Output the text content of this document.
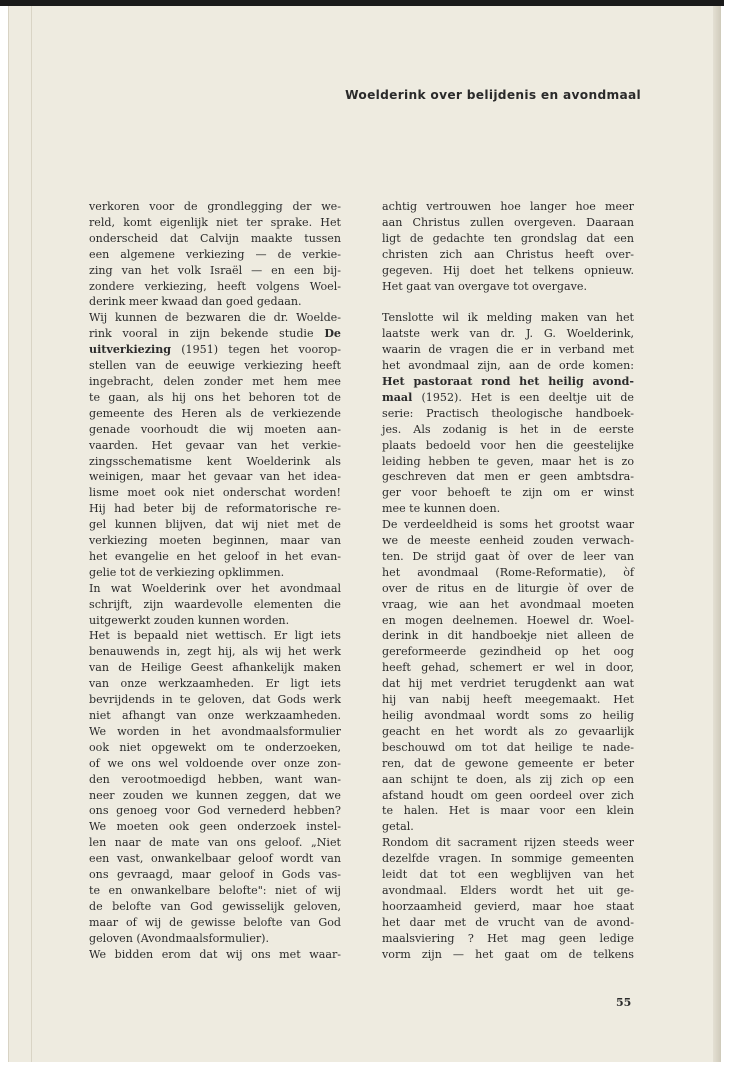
Woelderink over belijdenis en avondmaal
verkoren voor de grondlegging der we-
reld, komt eigenlijk niet ter sprake. Het
onderscheid dat Calvijn maakte tussen
een algemene verkiezing — de verkie-
zing van het volk Israël — en een bij-
zondere verkiezing, heeft volgens Woel-
derink meer kwaad dan goed gedaan.
Wij kunnen de bezwaren die dr. Woelde-
rink vooral in zijn bekende studie De
uitverkiezing (1951) tegen het voorop-
stellen van de eeuwige verkiezing heeft
ingebracht, delen zonder met hem mee
te gaan, als hij ons het behoren tot de
gemeente des Heren als de verkiezende
genade voorhoudt die wij moeten aan-
vaarden. Het gevaar van het verkie-
zingsschematisme kent Woelderink als
weinigen, maar het gevaar van het idea-
lisme moet ook niet onderschat worden!
Hij had beter bij de reformatorische re-
gel kunnen blijven, dat wij niet met de
verkiezing moeten beginnen, maar van
het evangelie en het geloof in het evan-
gelie tot de verkiezing opklimmen.
In wat Woelderink over het avondmaal
schrijft, zijn waardevolle elementen die
uitgewerkt zouden kunnen worden.
Het is bepaald niet wettisch. Er ligt iets
benauwends in, zegt hij, als wij het werk
van de Heilige Geest afhankelijk maken
van onze werkzaamheden. Er ligt iets
bevrijdends in te geloven, dat Gods werk
niet afhangt van onze werkzaamheden.
We worden in het avondmaalsformulier
ook niet opgewekt om te onderzoeken,
of we ons wel voldoende over onze zon-
den verootmoedigd hebben, want wan-
neer zouden we kunnen zeggen, dat we
ons genoeg voor God vernederd hebben?
We moeten ook geen onderzoek instel-
len naar de mate van ons geloof. „Niet
een vast, onwankelbaar geloof wordt van
ons gevraagd, maar geloof in Gods vas-
te en onwankelbare belofte": niet of wij
de belofte van God gewisselijk geloven,
maar of wij de gewisse belofte van God
geloven (Avondmaalsformulier).
We bidden erom dat wij ons met waar-
achtig vertrouwen hoe langer hoe meer
aan Christus zullen overgeven. Daaraan
ligt de gedachte ten grondslag dat een
christen zich aan Christus heeft over-
gegeven. Hij doet het telkens opnieuw.
Het gaat van overgave tot overgave.
Tenslotte wil ik melding maken van het
laatste werk van dr. J. G. Woelderink,
waarin de vragen die er in verband met
het avondmaal zijn, aan de orde komen:
Het pastoraat rond het heilig avond-
maal (1952). Het is een deeltje uit de
serie: Practisch theologische handboek-
jes. Als zodanig is het in de eerste
plaats bedoeld voor hen die geestelijke
leiding hebben te geven, maar het is zo
geschreven dat men er geen ambtsdra-
ger voor behoeft te zijn om er winst
mee te kunnen doen.
De verdeeldheid is soms het grootst waar
we de meeste eenheid zouden verwach-
ten. De strijd gaat òf over de leer van
het avondmaal (Rome-Reformatie), òf
over de ritus en de liturgie òf over de
vraag, wie aan het avondmaal moeten
en mogen deelnemen. Hoewel dr. Woel-
derink in dit handboekje niet alleen de
gereformeerde gezindheid op het oog
heeft gehad, schemert er wel in door,
dat hij met verdriet terugdenkt aan wat
hij van nabij heeft meegemaakt. Het
heilig avondmaal wordt soms zo heilig
geacht en het wordt als zo gevaarlijk
beschouwd om tot dat heilige te nade-
ren, dat de gewone gemeente er beter
aan schijnt te doen, als zij zich op een
afstand houdt om geen oordeel over zich
te halen. Het is maar voor een klein
getal.
Rondom dit sacrament rijzen steeds weer
dezelfde vragen. In sommige gemeenten
leidt dat tot een wegblijven van het
avondmaal. Elders wordt het uit ge-
hoorzaamheid gevierd, maar hoe staat
het daar met de vrucht van de avond-
maalsviering ? Het mag geen ledige
vorm zijn — het gaat om de telkens
55
